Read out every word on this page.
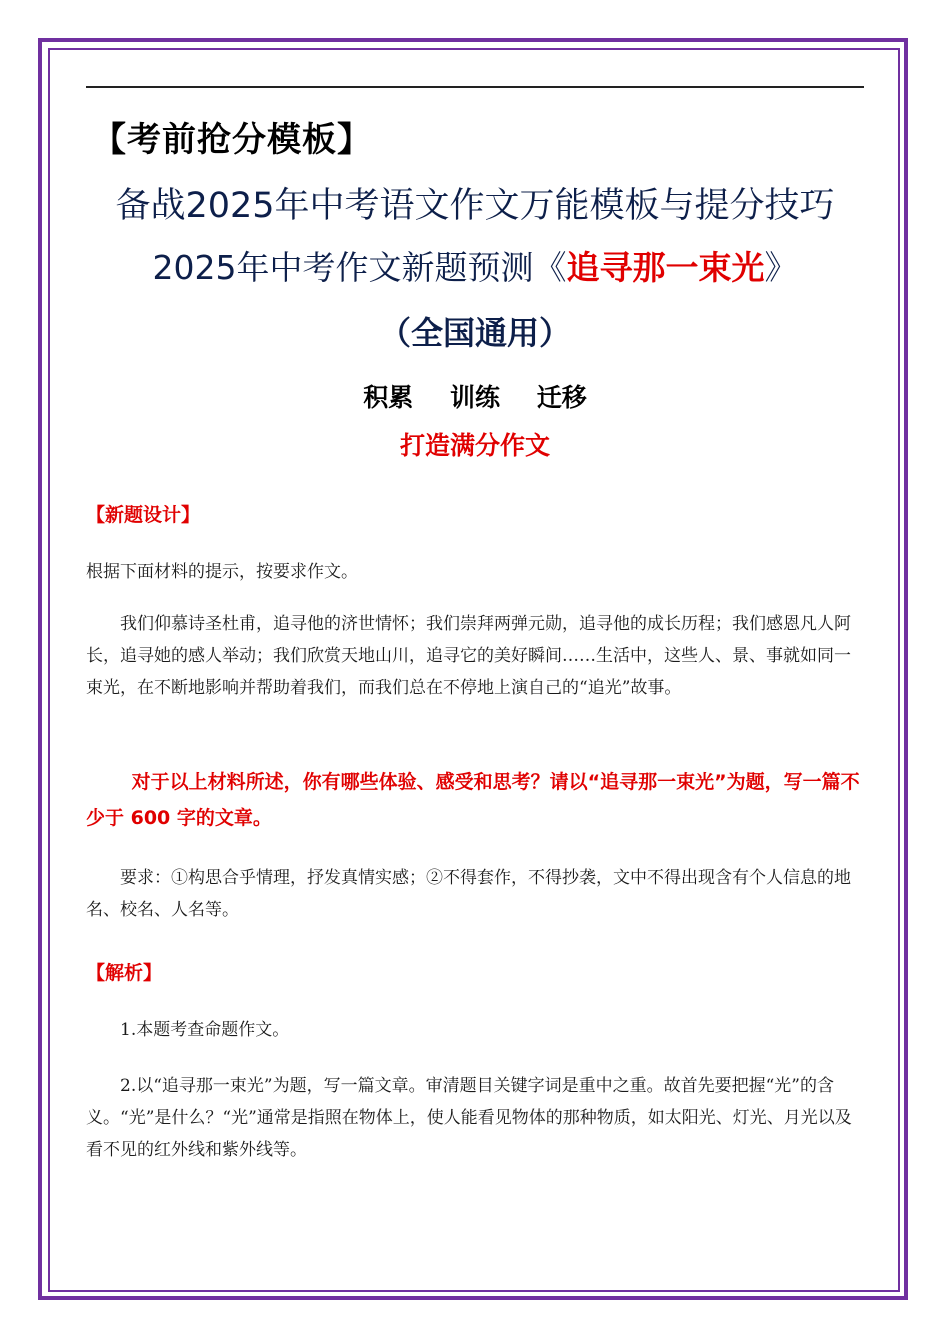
【考前抢分模板】
备战2025年中考语文作文万能模板与提分技巧
2025年中考作文新题预测《追寻那一束光》
（全国通用）
积累 训练 迁移
打造满分作文
【新题设计】
根据下面材料的提示，按要求作文。
我们仰慕诗圣杜甫，追寻他的济世情怀；我们崇拜两弹元勋，追寻他的成长历程；我们感恩凡人阿长，追寻她的感人举动；我们欣赏天地山川，追寻它的美好瞬间……生活中，这些人、景、事就如同一束光，在不断地影响并帮助着我们，而我们总在不停地上演自己的“追光”故事。
对于以上材料所述，你有哪些体验、感受和思考？请以“追寻那一束光”为题，写一篇不少于 600 字的文章。
要求：①构思合乎情理，抒发真情实感；②不得套作，不得抄袭，文中不得出现含有个人信息的地名、校名、人名等。
【解析】
1.本题考查命题作文。
2.以“追寻那一束光”为题，写一篇文章。审清题目关键字词是重中之重。故首先要把握“光”的含义。“光”是什么？“光”通常是指照在物体上，使人能看见物体的那种物质，如太阳光、灯光、月光以及看不见的红外线和紫外线等。
